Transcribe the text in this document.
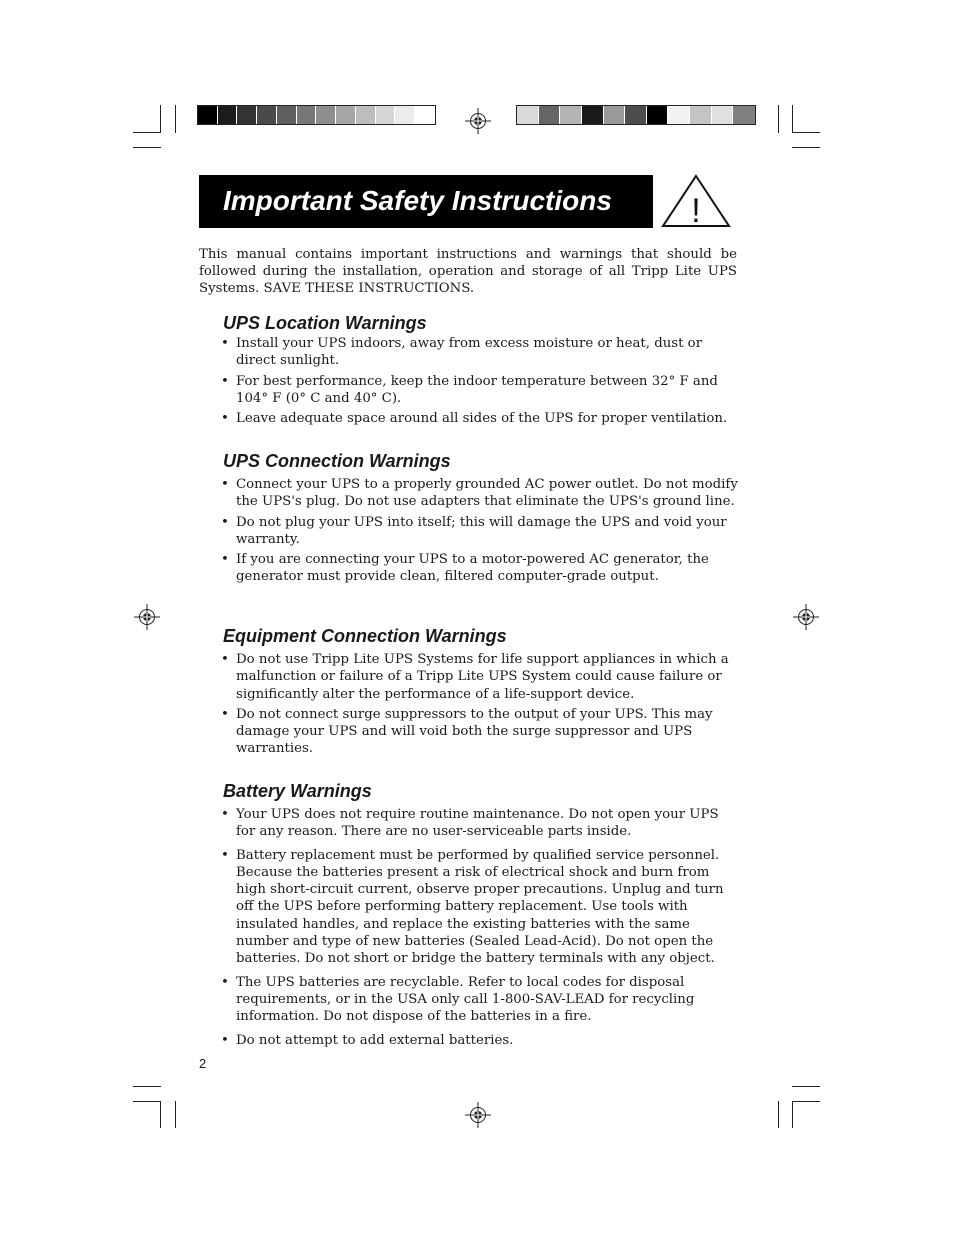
Important Safety Instructions	!

This manual contains important instructions and warnings that should be followed during the installation, operation and storage of all Tripp Lite UPS Systems. SAVE THESE INSTRUCTIONS.

UPS Location Warnings
• Install your UPS indoors, away from excess moisture or heat, dust or direct sunlight.
• For best performance, keep the indoor temperature between 32° F and 104° F (0° C and 40° C).
• Leave adequate space around all sides of the UPS for proper ventilation.
UPS Connection Warnings
• Connect your UPS to a properly grounded AC power outlet. Do not modify the UPS's plug. Do not use adapters that eliminate the UPS's ground line.
• Do not plug your UPS into itself; this will damage the UPS and void your warranty.
• If you are connecting your UPS to a motor-powered AC generator, the generator must provide clean, filtered computer-grade output.
Equipment Connection Warnings
• Do not use Tripp Lite UPS Systems for life support appliances in which a malfunction or failure of a Tripp Lite UPS System could cause failure or significantly alter the performance of a life-support device.
• Do not connect surge suppressors to the output of your UPS. This may damage your UPS and will void both the surge suppressor and UPS warranties.
Battery Warnings
• Your UPS does not require routine maintenance. Do not open your UPS for any reason. There are no user-serviceable parts inside.
• Battery replacement must be performed by qualified service personnel. Because the batteries present a risk of electrical shock and burn from high short-circuit current, observe proper precautions. Unplug and turn off the UPS before performing battery replacement. Use tools with insulated handles, and replace the existing batteries with the same number and type of new batteries (Sealed Lead-Acid). Do not open the batteries. Do not short or bridge the battery terminals with any object.
• The UPS batteries are recyclable. Refer to local codes for disposal requirements, or in the USA only call 1-800-SAV-LEAD for recycling information. Do not dispose of the batteries in a fire.
• Do not attempt to add external batteries.
2
